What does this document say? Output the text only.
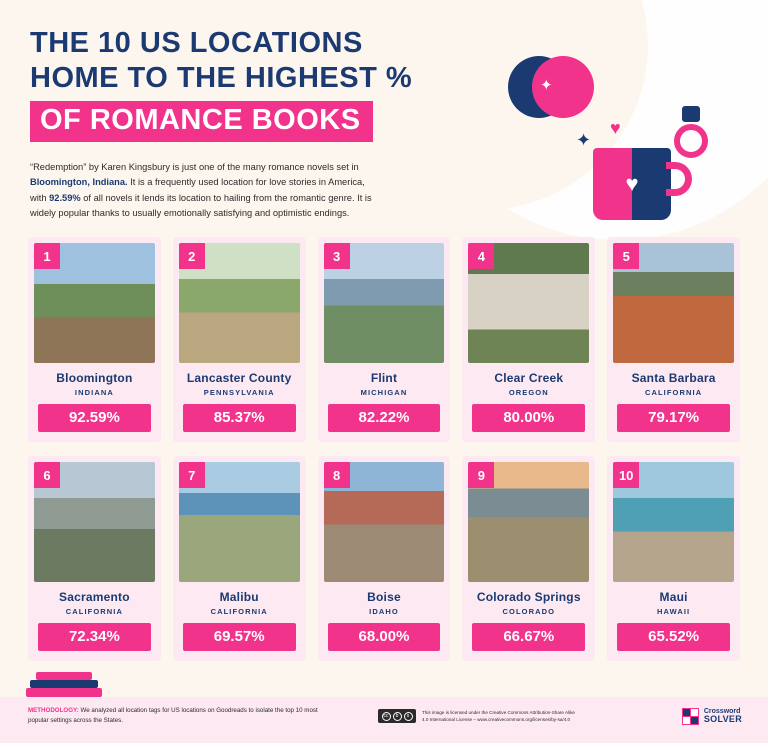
THE 10 US LOCATIONS
HOME TO THE HIGHEST %
OF ROMANCE BOOKS

“Redemption” by Karen Kingsbury is just one of the many romance novels set in Bloomington, Indiana. It is a frequently used location for love stories in America, with 92.59% of all novels it lends its location to hailing from the romantic genre. It is widely popular thanks to usually emotionally satisfying and optimistic endings.

✦
✦
♥
♥
✦
1
Bloomington
INDIANA
92.59%
2
Lancaster County
PENNSYLVANIA
85.37%
3
Flint
MICHIGAN
82.22%
4
Clear Creek
OREGON
80.00%
5
Santa Barbara
CALIFORNIA
79.17%
6
Sacramento
CALIFORNIA
72.34%
7
Malibu
CALIFORNIA
69.57%
8
Boise
IDAHO
68.00%
9
Colorado Springs
COLORADO
66.67%
10
Maui
HAWAII
65.52%
METHODOLOGY: We analyzed all location tags for US locations on Goodreads to isolate the top 10 most popular settings across the States.
cc	b	s
This image is licensed under the Creative Commons Attribution-Share Alike
4.0 International License – www.creativecommons.org/licenses/by-sa/4.0
Crossword
SOLVER
